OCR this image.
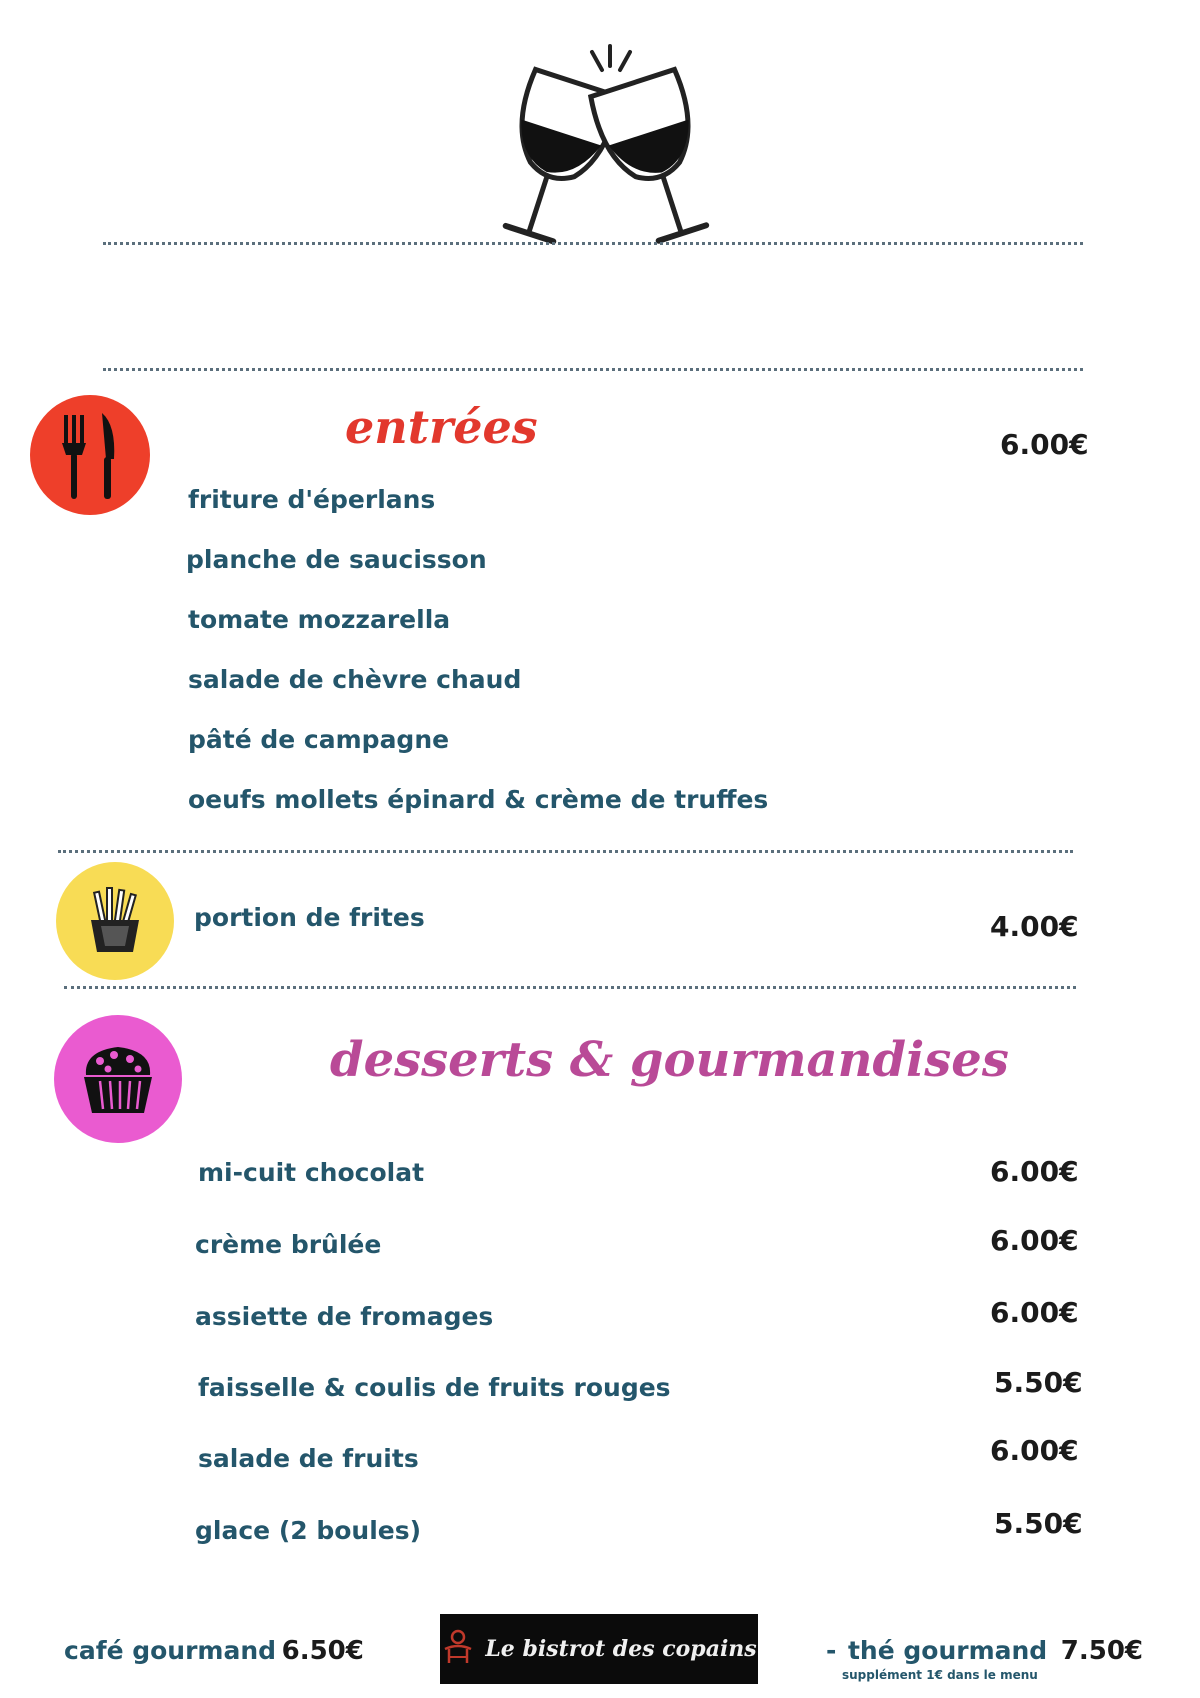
entrées	6.00€
friture d'éperlans
planche de saucisson
tomate mozzarella
salade de chèvre chaud
pâté de campagne
oeufs mollets épinard & crème de truffes
portion de frites	4.00€
desserts & gourmandises
mi-cuit chocolat	6.00€
crème brûlée	6.00€
assiette de fromages	6.00€
faisselle & coulis de fruits rouges	5.50€
salade de fruits	6.00€
glace (2 boules)	5.50€
café gourmand 6.50€	Le bistrot des copains	- thé gourmand 7.50€
supplément 1€ dans le menu
